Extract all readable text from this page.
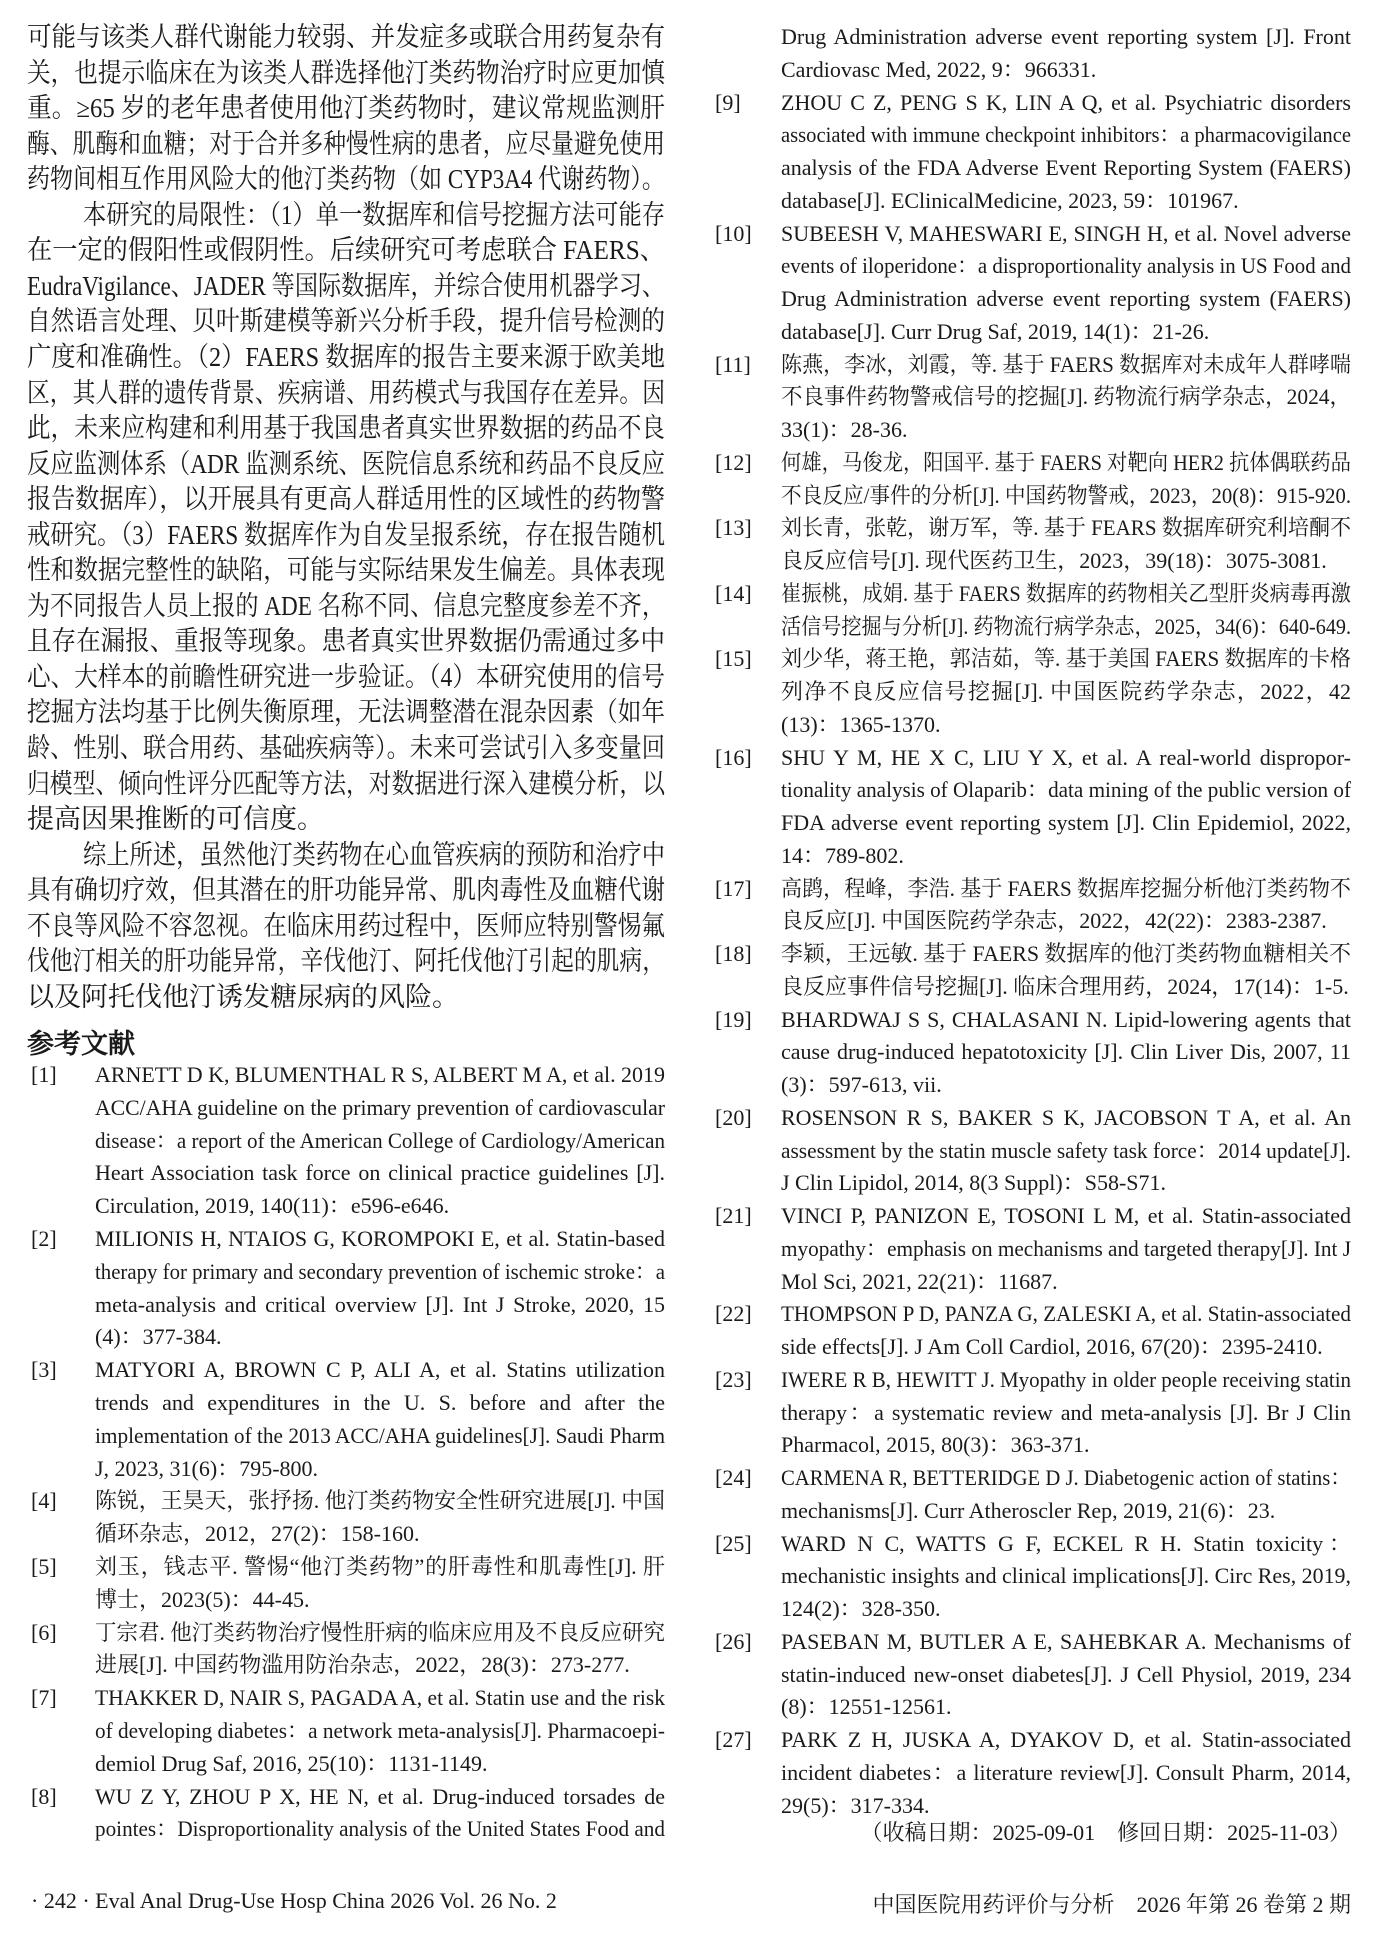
可能与该类人群代谢能力较弱、并发症多或联合用药复杂有
关，也提示临床在为该类人群选择他汀类药物治疗时应更加慎
重。≥65 岁的老年患者使用他汀类药物时，建议常规监测肝
酶、肌酶和血糖；对于合并多种慢性病的患者，应尽量避免使用
药物间相互作用风险大的他汀类药物（如 CYP3A4 代谢药物）。
本研究的局限性：（1）单一数据库和信号挖掘方法可能存
在一定的假阳性或假阴性。后续研究可考虑联合 FAERS、
EudraVigilance、JADER 等国际数据库，并综合使用机器学习、
自然语言处理、贝叶斯建模等新兴分析手段，提升信号检测的
广度和准确性。（2）FAERS 数据库的报告主要来源于欧美地
区，其人群的遗传背景、疾病谱、用药模式与我国存在差异。因
此，未来应构建和利用基于我国患者真实世界数据的药品不良
反应监测体系（ADR 监测系统、医院信息系统和药品不良反应
报告数据库），以开展具有更高人群适用性的区域性的药物警
戒研究。（3）FAERS 数据库作为自发呈报系统，存在报告随机
性和数据完整性的缺陷，可能与实际结果发生偏差。具体表现
为不同报告人员上报的 ADE 名称不同、信息完整度参差不齐，
且存在漏报、重报等现象。患者真实世界数据仍需通过多中
心、大样本的前瞻性研究进一步验证。（4）本研究使用的信号
挖掘方法均基于比例失衡原理，无法调整潜在混杂因素（如年
龄、性别、联合用药、基础疾病等）。未来可尝试引入多变量回
归模型、倾向性评分匹配等方法，对数据进行深入建模分析，以
提高因果推断的可信度。
综上所述，虽然他汀类药物在心血管疾病的预防和治疗中
具有确切疗效，但其潜在的肝功能异常、肌肉毒性及血糖代谢
不良等风险不容忽视。在临床用药过程中，医师应特别警惕氟
伐他汀相关的肝功能异常，辛伐他汀、阿托伐他汀引起的肌病，
以及阿托伐他汀诱发糖尿病的风险。
参考文献
[1] ARNETT D K, BLUMENTHAL R S, ALBERT M A, et al. 2019
ACC/AHA guideline on the primary prevention of cardiovascular
disease：a report of the American College of Cardiology/American
Heart Association task force on clinical practice guidelines [J].
Circulation, 2019, 140(11)：e596-e646.
[2] MILIONIS H, NTAIOS G, KOROMPOKI E, et al. Statin-based
therapy for primary and secondary prevention of ischemic stroke：a
meta-analysis and critical overview [J]. Int J Stroke, 2020, 15
(4)：377-384.
[3] MATYORI A, BROWN C P, ALI A, et al. Statins utilization
trends and expenditures in the U. S. before and after the
implementation of the 2013 ACC/AHA guidelines[J]. Saudi Pharm
J, 2023, 31(6)：795-800.
[4] 陈锐，王昊天，张抒扬. 他汀类药物安全性研究进展[J]. 中国
循环杂志，2012，27(2)：158-160.
[5] 刘玉，钱志平. 警惕“他汀类药物”的肝毒性和肌毒性[J]. 肝
博士，2023(5)：44-45.
[6] 丁宗君. 他汀类药物治疗慢性肝病的临床应用及不良反应研究
进展[J]. 中国药物滥用防治杂志，2022，28(3)：273-277.
[7] THAKKER D, NAIR S, PAGADA A, et al. Statin use and the risk
of developing diabetes：a network meta-analysis[J]. Pharmacoepi-
demiol Drug Saf, 2016, 25(10)：1131-1149.
[8] WU Z Y, ZHOU P X, HE N, et al. Drug-induced torsades de
pointes：Disproportionality analysis of the United States Food and
Drug Administration adverse event reporting system [J]. Front
Cardiovasc Med, 2022, 9：966331.
[9] ZHOU C Z, PENG S K, LIN A Q, et al. Psychiatric disorders
associated with immune checkpoint inhibitors：a pharmacovigilance
analysis of the FDA Adverse Event Reporting System (FAERS)
database[J]. EClinicalMedicine, 2023, 59：101967.
[10] SUBEESH V, MAHESWARI E, SINGH H, et al. Novel adverse
events of iloperidone：a disproportionality analysis in US Food and
Drug Administration adverse event reporting system (FAERS)
database[J]. Curr Drug Saf, 2019, 14(1)：21-26.
[11] 陈燕，李冰，刘霞，等. 基于 FAERS 数据库对未成年人群哮喘
不良事件药物警戒信号的挖掘[J]. 药物流行病学杂志，2024，
33(1)：28-36.
[12] 何雄，马俊龙，阳国平. 基于 FAERS 对靶向 HER2 抗体偶联药品
不良反应/事件的分析[J]. 中国药物警戒，2023，20(8)：915-920.
[13] 刘长青，张乾，谢万军，等. 基于 FEARS 数据库研究利培酮不
良反应信号[J]. 现代医药卫生，2023，39(18)：3075-3081.
[14] 崔振桃，成娟. 基于 FAERS 数据库的药物相关乙型肝炎病毒再激
活信号挖掘与分析[J]. 药物流行病学杂志，2025，34(6)：640-649.
[15] 刘少华，蒋王艳，郭洁茹，等. 基于美国 FAERS 数据库的卡格
列净不良反应信号挖掘[J]. 中国医院药学杂志，2022，42
(13)：1365-1370.
[16] SHU Y M, HE X C, LIU Y X, et al. A real-world dispropor-
tionality analysis of Olaparib：data mining of the public version of
FDA adverse event reporting system [J]. Clin Epidemiol, 2022,
14：789-802.
[17] 高鹍，程峰，李浩. 基于 FAERS 数据库挖掘分析他汀类药物不
良反应[J]. 中国医院药学杂志，2022，42(22)：2383-2387.
[18] 李颖，王远敏. 基于 FAERS 数据库的他汀类药物血糖相关不
良反应事件信号挖掘[J]. 临床合理用药，2024，17(14)：1-5.
[19] BHARDWAJ S S, CHALASANI N. Lipid-lowering agents that
cause drug-induced hepatotoxicity [J]. Clin Liver Dis, 2007, 11
(3)：597-613, vii.
[20] ROSENSON R S, BAKER S K, JACOBSON T A, et al. An
assessment by the statin muscle safety task force：2014 update[J].
J Clin Lipidol, 2014, 8(3 Suppl)：S58-S71.
[21] VINCI P, PANIZON E, TOSONI L M, et al. Statin-associated
myopathy：emphasis on mechanisms and targeted therapy[J]. Int J
Mol Sci, 2021, 22(21)：11687.
[22] THOMPSON P D, PANZA G, ZALESKI A, et al. Statin-associated
side effects[J]. J Am Coll Cardiol, 2016, 67(20)：2395-2410.
[23] IWERE R B, HEWITT J. Myopathy in older people receiving statin
therapy：a systematic review and meta-analysis [J]. Br J Clin
Pharmacol, 2015, 80(3)：363-371.
[24] CARMENA R, BETTERIDGE D J. Diabetogenic action of statins：
mechanisms[J]. Curr Atheroscler Rep, 2019, 21(6)：23.
[25] WARD N C, WATTS G F, ECKEL R H. Statin toxicity：
mechanistic insights and clinical implications[J]. Circ Res, 2019,
124(2)：328-350.
[26] PASEBAN M, BUTLER A E, SAHEBKAR A. Mechanisms of
statin-induced new-onset diabetes[J]. J Cell Physiol, 2019, 234
(8)：12551-12561.
[27] PARK Z H, JUSKA A, DYAKOV D, et al. Statin-associated
incident diabetes：a literature review[J]. Consult Pharm, 2014,
29(5)：317-334.
（收稿日期：2025-09-01　修回日期：2025-11-03）
· 242 · Eval Anal Drug-Use Hosp China 2026 Vol. 26 No. 2	中国医院用药评价与分析　2026 年第 26 卷第 2 期
